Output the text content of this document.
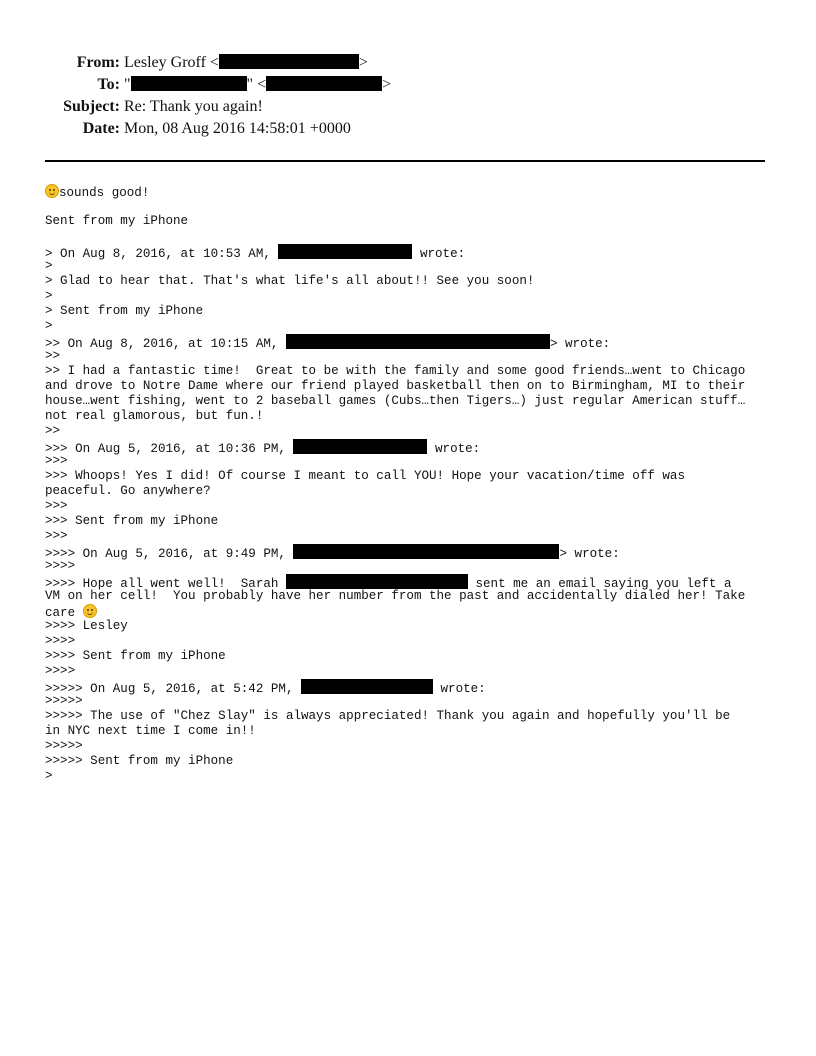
From: Lesley Groff <	>
To: "	" <	>
Subject: Re: Thank you again!
Date: Mon, 08 Aug 2016 14:58:01 +0000
sounds good!
Sent from my iPhone
> On Aug 8, 2016, at 10:53 AM,	wrote:
>
> Glad to hear that. That's what life's all about!! See you soon!
>
> Sent from my iPhone
>
>> On Aug 8, 2016, at 10:15 AM,	> wrote:
>>
>> I had a fantastic time!  Great to be with the family and some good friends…went to Chicago
and drove to Notre Dame where our friend played basketball then on to Birmingham, MI to their
house…went fishing, went to 2 baseball games (Cubs…then Tigers…) just regular American stuff…
not real glamorous, but fun.!
>>
>>> On Aug 5, 2016, at 10:36 PM,	wrote:
>>>
>>> Whoops! Yes I did! Of course I meant to call YOU! Hope your vacation/time off was
peaceful. Go anywhere?
>>>
>>> Sent from my iPhone
>>>
>>>> On Aug 5, 2016, at 9:49 PM,	> wrote:
>>>>
>>>> Hope all went well!  Sarah	sent me an email saying you left a
VM on her cell!  You probably have her number from the past and accidentally dialed her! Take
care
>>>> Lesley
>>>>
>>>> Sent from my iPhone
>>>>
>>>>> On Aug 5, 2016, at 5:42 PM,	wrote:
>>>>>
>>>>> The use of "Chez Slay" is always appreciated! Thank you again and hopefully you'll be
in NYC next time I come in!!
>>>>>
>>>>> Sent from my iPhone
>
